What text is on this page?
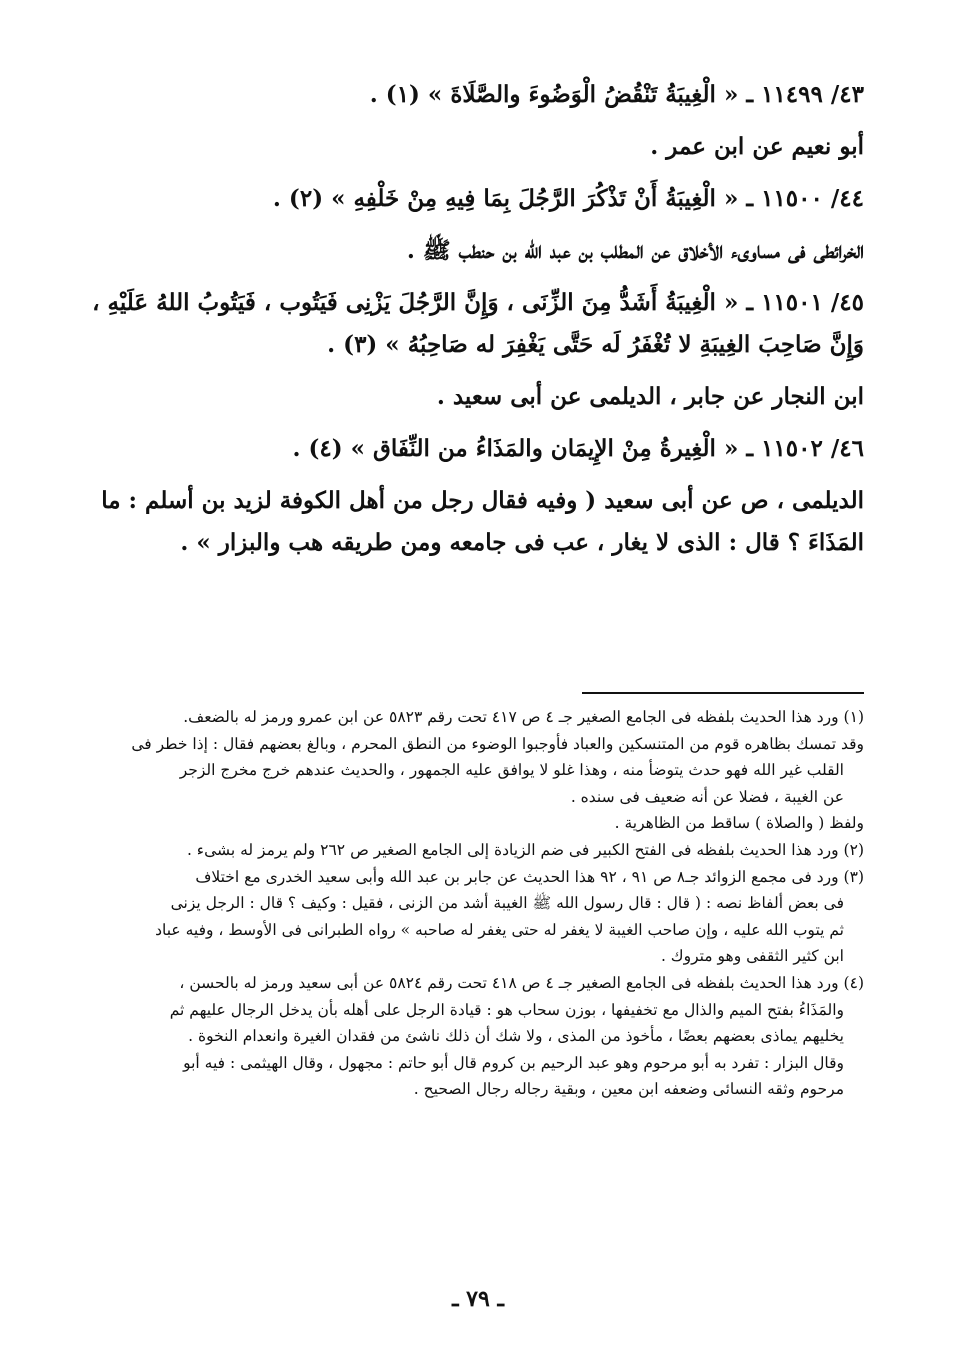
٤٣/ ١١٤٩٩ ـ « الْغِيبَةُ تَنْقُضُ الْوَضُوءَ والصَّلَاةَ » (١) .

أبو نعيم عن ابن عمر .

٤٤/ ١١٥٠٠ ـ « الْغِيبَةُ أَنْ تَذْكُرَ الرَّجُلَ بِمَا فِيهِ مِنْ خَلْفِهِ » (٢) .

الخرائطى فى مساوىء الأخلاق عن المطلب بن عبد الله بن حنطب ﷺ .

٤٥/ ١١٥٠١ ـ « الْغِيبَةُ أَشَدُّ مِنَ الزِّنَى ، وَإِنَّ الرَّجُلَ يَزْنِى فَيَتُوب ، فَيَتُوبُ اللهُ عَلَيْهِ ،

وَإِنَّ صَاحِبَ الغِيبَةِ لا تُغْفَرُ لَه حَتَّى يَغْفِرَ له صَاحِبُهُ » (٣) .

ابن النجار عن جابر ، الديلمى عن أبى سعيد .

٤٦/ ١١٥٠٢ ـ « الْغِيرةُ مِنْ الإِيمَان والمَذَاءُ من النِّفَاق » (٤) .

الديلمى ، ص عن أبى سعيد ( وفيه فقال رجل من أهل الكوفة لزيد بن أسلم : ما

المَذَاءَ ؟ قال : الذى لا يغار ، عب فى جامعه ومن طريقه هب والبزار » .

(١) ورد هذا الحديث بلفظه فى الجامع الصغير جـ ٤ ص ٤١٧ تحت رقم ٥٨٢٣ عن ابن عمرو ورمز له بالضعف.

وقد تمسك بظاهره قوم من المتنسكين والعباد فأوجبوا الوضوء من النطق المحرم ، وبالغ بعضهم فقال : إذا خطر فى

القلب غير الله فهو حدث يتوضأ منه ، وهذا غلو لا يوافق عليه الجمهور ، والحديث عندهم خرج مخرج الزجر

عن الغيبة ، فضلا عن أنه ضعيف فى سنده .

ولفظ ( والصلاة ) ساقط من الظاهرية .

(٢) ورد هذا الحديث بلفظه فى الفتح الكبير فى ضم الزيادة إلى الجامع الصغير ص ٢٦٢ ولم يرمز له بشىء .

(٣) ورد فى مجمع الزوائد جـ٨ ص ٩١ ، ٩٢ هذا الحديث عن جابر بن عبد الله وأبى سعيد الخدرى مع اختلاف

فى بعض ألفاظ نصه : ( قال : قال رسول الله ﷺ الغيبة أشد من الزنى ، فقيل : وكيف ؟ قال : الرجل يزنى

ثم يتوب الله عليه ، وإن صاحب الغيبة لا يغفر له حتى يغفر له صاحبه » رواه الطبرانى فى الأوسط ، وفيه عباد

ابن كثير الثقفى وهو متروك .

(٤) ورد هذا الحديث بلفظه فى الجامع الصغير جـ ٤ ص ٤١٨ تحت رقم ٥٨٢٤ عن أبى سعيد ورمز له بالحسن ،

والمَذَاءُ بفتح الميم والذال مع تخفيفها ، بوزن سحاب هو : قيادة الرجل على أهله بأن يدخل الرجال عليهم ثم

يخليهم يماذى بعضهم بعضًا ، مأخوذ من المذى ، ولا شك أن ذلك ناشئ من فقدان الغيرة وانعدام النخوة .

وقال البزار : تفرد به أبو مرحوم وهو عبد الرحيم بن كروم قال أبو حاتم : مجهول ، وقال الهيثمى : فيه أبو

مرحوم وثقه النسائى وضعفه ابن معين ، وبقية رجاله رجال الصحيح .

ـ ٧٩ ـ
